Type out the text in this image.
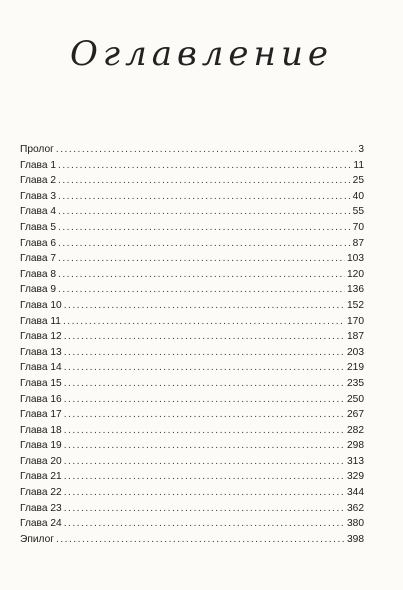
Оглавление
Пролог .....	3
Глава 1 .....	11
Глава 2 .....	25
Глава 3 .....	40
Глава 4 .....	55
Глава 5 .....	70
Глава 6 .....	87
Глава 7 .....	103
Глава 8 .....	120
Глава 9 .....	136
Глава 10 .....	152
Глава 11 .....	170
Глава 12 .....	187
Глава 13 .....	203
Глава 14 .....	219
Глава 15 .....	235
Глава 16 .....	250
Глава 17 .....	267
Глава 18 .....	282
Глава 19 .....	298
Глава 20 .....	313
Глава 21 .....	329
Глава 22 .....	344
Глава 23 .....	362
Глава 24 .....	380
Эпилог .....	398
